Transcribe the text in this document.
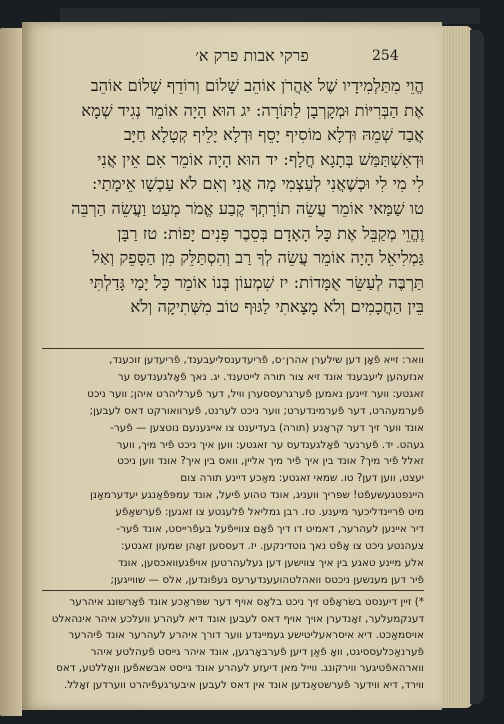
פרקי אבות פרק א׳	254
הֱוֵי מִתַּלְמִידָיו שֶׁל אַהֲרֹן אוֹהֵב שָׁלוֹם וְרוֹדֵף שָׁלוֹם אוֹהֵב
אֶת הַבְּרִיּוֹת וּמְקָרְבָן לַתּוֹרָה: יג הוּא הָיָה אוֹמֵר נְגִיד שְׁמָא
אֲבַד שְׁמֵהּ וּדְלָא מוֹסִיף יָסֵף וּדְלָא יָלֵיף קְטָלָא חַיָּב
וּדְאִשְׁתַּמַּשׁ בְּתָגָא חֳלָף: יד הוּא הָיָה אוֹמֵר אִם אֵין אֲנִי
לִי מִי לִי וּכְשֶׁאֲנִי לְעַצְמִי מָה אֲנִי וְאִם לֹא עַכְשָׁו אֵימָתַי:
טו שַׁמַּאי אוֹמֵר עֲשֵׂה תוֹרָתְךָ קֶבַע אֱמֹר מְעַט וַעֲשֵׂה הַרְבֵּה
וֶהֱוֵי מְקַבֵּל אֶת כָּל הָאָדָם בְּסֵבֶר פָּנִים יָפוֹת: טז רַבָּן
גַּמְלִיאֵל הָיָה אוֹמֵר עֲשֵׂה לְךָ רַב וְהִסְתַּלֵּק מִן הַסָּפֵק וְאַל
תַּרְבֶּה לְעַשֵּׂר אֻמָּדוֹת: יז שִׁמְעוֹן בְּנוֹ אוֹמֵר כָּל יָמַי גָּדַלְתִּי
בֵּין הַחֲכָמִים וְלֹא מָצָאתִי לַגּוּף טוֹב מִשְּׁתִיקָה וְלֹא
וואר: זייא פֿאָן דען שילערן אהרן׳ס, פֿריעדענסליעבענד, פֿריעדען זוכענד,
אנזעהען ליעבענד אונד זיא צור תורה לייטענד. יג. נאך פֿאָלגענדעס ער
זאגטע: ווער זיינען נאמען פֿערגרעססערן וויל, דער פֿערליהרט איהן; ווער ניכט
פֿערמעהרט, דער פֿערמינדערט; ווער ניכט לערנט, פֿערוואורקט דאס לעבען;
אונד ווער זיך דער קראָנע (תורה) בעדיענט צו אייגענעם נוטצען — פֿער-
געהט. יד. פֿערנער פֿאָלגענדעס ער זאגטע: ווען איך ניכט פֿיר מיך, ווער
זאלל פֿיר מיך? אונד בין איך פֿיר מיך אליין, וואס בין איך? אונד ווען ניכט
יעצט, ווען דען? טו. שמאי זאגטע: מאַכע דיינע תורה צום
היינפטגעשעפֿט! שפּריך וועניג, אונד טהוע פֿיעל, אונד עמפּפֿאַנגע יעדערמאַנן
מיט פֿריינדליכער מיענע. טז. רבן גמליאל פֿלעגטע צו זאגען: פֿערשאַפֿע
דיר איינען לעהרער, דאמיט דו דיך פֿאָם צווייפֿעל בעפֿרייסט, אונד פֿער-
צעהנטע ניכט צו אָפֿט נאך גוטדינקען. יז. דעססען זאָהן שמעון זאגטע:
אלע מיינע טאגע בין איך צווישען דען געלעהרטען אויפֿגעוואכסען, אונד
פֿיר דען מענשען ניכטס וואהלטהועענדערעס געפֿונדען, אלס — שווייגען;
*) זיין דיענסט בשׂראָפֿט זיך ניכט בלאָס אויף דער שפּראַכע אונד פֿאָרשונג איהרער
דענקמעלער, זאָנדערן אויך אויף דאס לעבען אונד דיא לעהרע וועלכע איהר אינהאלט
אויסמאַכט. דיא איסראעליטישע געמיינדע ווער דורך איהרע לעהרער אונד פֿיהרער
פֿערנאַכלעססיגט, וואָ פֿאַן דיען פֿערבאָרגען, אונד איהר גייסט פֿעהלטע איהר
ווארהאפֿטיגער ווירקונג. ווייל מאן דיעזע לעהרע אונד גייסט אבשאפֿען וואָללטע, דאס
ווירד, דיא ווידער פֿערשטאַנדען אונד אין דאס לעבען איבערגעפֿיהרט ווערדען זאָלל.
